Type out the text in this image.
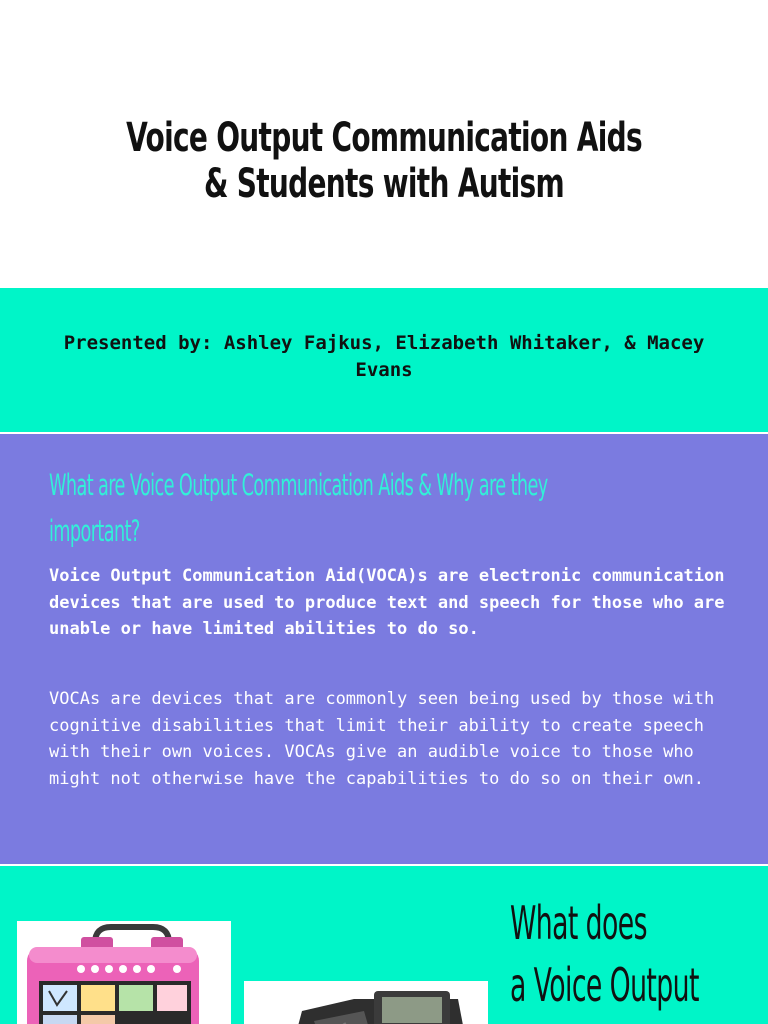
Voice Output Communication Aids
& Students with Autism

Presented by: Ashley Fajkus, Elizabeth Whitaker, & Macey Evans

What are Voice Output Communication Aids & Why are they important?

Voice Output Communication Aid(VOCA)s are electronic communication devices that are used to produce text and speech for those who are unable or have limited abilities to do so.

VOCAs are devices that are commonly seen being used by those with cognitive disabilities that limit their ability to create speech with their own voices. VOCAs give an audible voice to those who might not otherwise have the capabilities to do so on their own.

What does
a Voice Output
